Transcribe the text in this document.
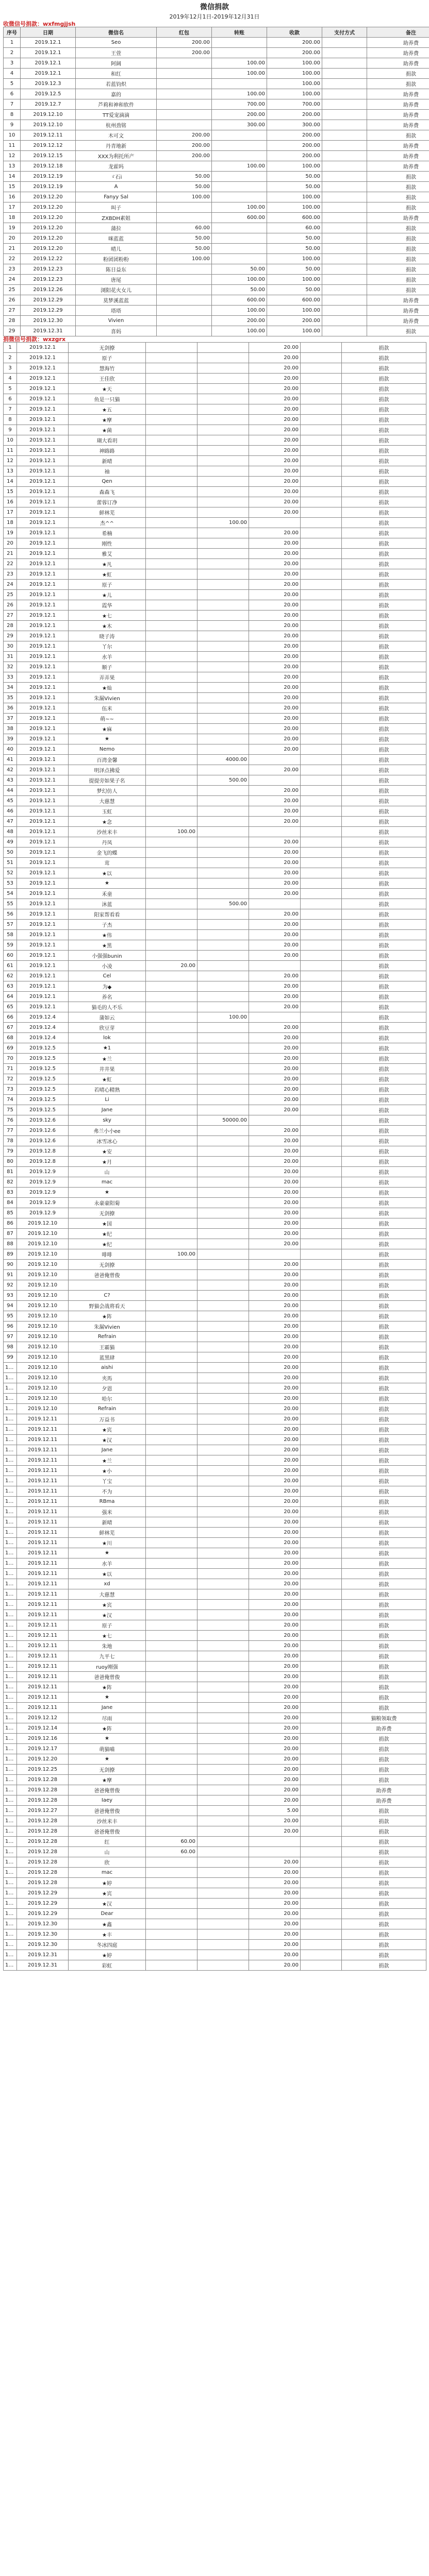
微信捐款
2019年12月1日-2019年12月31日
收微信号捐款：wxfmgjjsh
序号	日期	微信名	红包	转账	收款	支付方式	备注
1	2019.12.1	Seo	200.00		200.00		助养费
2	2019.12.1	王萱	200.00		200.00		助养费
3	2019.12.1	阿阔		100.00	100.00		助养费
4	2019.12.1	和红		100.00	100.00		捐款
5	2019.12.3	若蓝钧炽			100.00		捐款
6	2019.12.5	嘉的		100.00	100.00		助养费
7	2019.12.7	芦莉和神和软件		700.00	700.00		助养费
8	2019.12.10	TT爱宠滴滴		200.00	200.00		助养费
9	2019.12.10	杭州劲铭		300.00	300.00		助养费
10	2019.12.11	木可文	200.00		200.00		捐款
11	2019.12.12	丹青地新	200.00		200.00		助养费
12	2019.12.15	XXX为利托所产	200.00		200.00		助养费
13	2019.12.18	龙霍吗		100.00	100.00		助养费
14	2019.12.19	ゞ石i	50.00		50.00		捐款
15	2019.12.19	A	50.00		50.00		捐款
16	2019.12.20	Fanyy Sal	100.00		100.00		捐款
17	2019.12.20	叫子		100.00	100.00		捐款
18	2019.12.20	ZXBDH素姐		600.00	600.00		助养费
19	2019.12.20	蒲拉	60.00		60.00		捐款
20	2019.12.20	咪蓝蓝	50.00		50.00		捐款
21	2019.12.20	晴儿	50.00		50.00		捐款
22	2019.12.22	粉团团粉粉	100.00		100.00		捐款
23	2019.12.23	陈日益东		50.00	50.00		捐款
24	2019.12.23	唐尾		100.00	100.00		捐款
25	2019.12.26	浏阳花火女儿		50.00	50.00		捐款
26	2019.12.29	莫梦溪蓝蓝		600.00	600.00		助养费
27	2019.12.29	塔塔		100.00	100.00		助养费
28	2019.12.30	Vivien		200.00	200.00		助养费
29	2019.12.31	喜妈		100.00	100.00		捐款
捐微信号捐款：wxzgrx
1	2019.12.1	无剑撩			20.00		捐款
2	2019.12.1	原子			20.00		捐款
3	2019.12.1	慧海竹			20.00		捐款
4	2019.12.1	王佳欣			20.00		捐款
5	2019.12.1	★天			20.00		捐款
6	2019.12.1	鱼是一只猫			20.00		捐款
7	2019.12.1	★五			20.00		捐款
8	2019.12.1	★摩			20.00		捐款
9	2019.12.1	★菌			20.00		捐款
10	2019.12.1	瑚大看玥			20.00		捐款
11	2019.12.1	神路路			20.00		捐款
12	2019.12.1	新晴			20.00		捐款
13	2019.12.1	袖			20.00		捐款
14	2019.12.1	Qen			20.00		捐款
15	2019.12.1	森森飞			20.00		捐款
16	2019.12.1	蕾蓉订净			20.00		捐款
17	2019.12.1	鲜林芜			20.00		捐款
18	2019.12.1	杰^^		100.00			捐款
19	2019.12.1	希楠			20.00		捐款
20	2019.12.1	刚性			20.00		捐款
21	2019.12.1	雅艾			20.00		捐款
22	2019.12.1	★凡			20.00		捐款
23	2019.12.1	★虹			20.00		捐款
24	2019.12.1	原子			20.00		捐款
25	2019.12.1	★儿			20.00		捐款
26	2019.12.1	霞华			20.00		捐款
27	2019.12.1	★七			20.00		捐款
28	2019.12.1	★木			20.00		捐款
29	2019.12.1	晓子涛			20.00		捐款
30	2019.12.1	丫尔			20.00		捐款
31	2019.12.1	水羊			20.00		捐款
32	2019.12.1	顺子			20.00		捐款
33	2019.12.1	弄弄果			20.00		捐款
34	2019.12.1	★灿			20.00		捐款
35	2019.12.1	朱漏Vivien			20.00		捐款
36	2019.12.1	伍米			20.00		捐款
37	2019.12.1	萌~~			20.00		捐款
38	2019.12.1	★麻			20.00		捐款
39	2019.12.1	★			20.00		捐款
40	2019.12.1	Nemo			20.00		捐款
41	2019.12.1	百湾金馨		4000.00			捐款
42	2019.12.1	明泽点拂爱			20.00		捐款
43	2019.12.1	提提旁如果子名		500.00			捐款
44	2019.12.1	梦幻仿人			20.00		捐款
45	2019.12.1	大慈慧			20.00		捐款
46	2019.12.1	玉虹			20.00		捐款
47	2019.12.1	★念			20.00		捐款
48	2019.12.1	沙丝米丰	100.00				捐款
49	2019.12.1	丹凤			20.00		捐款
50	2019.12.1	金飞的蝶			20.00		捐款
51	2019.12.1	茸			20.00		捐款
52	2019.12.1	★以			20.00		捐款
53	2019.12.1	★			20.00		捐款
54	2019.12.1	禾童			20.00		捐款
55	2019.12.1	沐蓝		500.00			捐款
56	2019.12.1	阳家帮看看			20.00		捐款
57	2019.12.1	子杰			20.00		捐款
58	2019.12.1	★伟			20.00		捐款
59	2019.12.1	★黑			20.00		捐款
60	2019.12.1	小强强bunin			20.00		捐款
61	2019.12.1	小凌	20.00				捐款
62	2019.12.1	Cel			20.00		捐款
63	2019.12.1	为◆			20.00		捐款
64	2019.12.1	养名			20.00		捐款
65	2019.12.1	猫毛的人不乐			20.00		捐款
66	2019.12.4	蒲如云		100.00			捐款
67	2019.12.4	欣豆芽			20.00		捐款
68	2019.12.4	lok			20.00		捐款
69	2019.12.5	★1			20.00		捐款
70	2019.12.5	★兰			20.00		捐款
71	2019.12.5	井井果			20.00		捐款
72	2019.12.5	★虹			20.00		捐款
73	2019.12.5	若晴心精熟			20.00		捐款
74	2019.12.5	Li			20.00		捐款
75	2019.12.5	Jane			20.00		捐款
76	2019.12.6	sky		50000.00			捐款
77	2019.12.6	弗兰小小ee			20.00		捐款
78	2019.12.6	冰雪冰心			20.00		捐款
79	2019.12.8	★安			20.00		捐款
80	2019.12.8	★月			20.00		捐款
81	2019.12.9	山			20.00		捐款
82	2019.12.9	mac			20.00		捐款
83	2019.12.9	★			20.00		捐款
84	2019.12.9	永豪豪阳菊			20.00		捐款
85	2019.12.9	无剑撩			20.00		捐款
86	2019.12.10	★国			20.00		捐款
87	2019.12.10	★纪			20.00		捐款
88	2019.12.10	★纪			20.00		捐款
89	2019.12.10	啡啡	100.00				捐款
90	2019.12.10	无剑撩			20.00		捐款
91	2019.12.10	爸爸俺曾俊			20.00		捐款
92	2019.12.10				20.00		捐款
93	2019.12.10	C?			20.00		捐款
94	2019.12.10	野猫会战将看天			20.00		捐款
95	2019.12.10	★阵			20.00		捐款
96	2019.12.10	朱漏Vivien			20.00		捐款
97	2019.12.10	Refrain			20.00		捐款
98	2019.12.10	王霸猫			20.00		捐款
99	2019.12.10	蓝黑肆			20.00		捐款
100	2019.12.10	aishi			20.00		捐款
101	2019.12.10	夹馬			20.00		捐款
102	2019.12.10	夕恩			20.00		捐款
103	2019.12.10	哈尔			20.00		捐款
104	2019.12.10	Refrain			20.00		捐款
105	2019.12.11	万益书			20.00		捐款
106	2019.12.11	★宾			20.00		捐款
107	2019.12.11	★汉			20.00		捐款
108	2019.12.11	Jane			20.00		捐款
109	2019.12.11	★兰			20.00		捐款
110	2019.12.11	★小			20.00		捐款
111	2019.12.11	丫宝			20.00		捐款
112	2019.12.11	不为			20.00		捐款
113	2019.12.11	RBma			20.00		捐款
114	2019.12.11	强米			20.00		捐款
115	2019.12.11	新晴			20.00		捐款
116	2019.12.11	鲜林芜			20.00		捐款
117	2019.12.11	★川			20.00		捐款
118	2019.12.11	★			20.00		捐款
119	2019.12.11	水羊			20.00		捐款
120	2019.12.11	★以			20.00		捐款
121	2019.12.11	xd			20.00		捐款
122	2019.12.11	大慈慧			20.00		捐款
123	2019.12.11	★宾			20.00		捐款
124	2019.12.11	★汉			20.00		捐款
125	2019.12.11	原子			20.00		捐款
126	2019.12.11	★七			20.00		捐款
127	2019.12.11	朱地			20.00		捐款
128	2019.12.11	九平七			20.00		捐款
129	2019.12.11	ruoy刚强			20.00		捐款
130	2019.12.11	爸爸俺曾俊			20.00		捐款
131	2019.12.11	★阵			20.00		捐款
132	2019.12.11	★			20.00		捐款
133	2019.12.11	Jane			20.00		捐款
134	2019.12.12	尽雨			20.00		猫粮领取费
135	2019.12.14	★阵			20.00		助养费
136	2019.12.16	★			20.00		捐款
137	2019.12.17	萌猫喵			20.00		捐款
138	2019.12.20	★			20.00		捐款
139	2019.12.25	无剑撩			20.00		捐款
140	2019.12.28	★摩			20.00		捐款
141	2019.12.28	爸爸俺曾俊			20.00		助养费
142	2019.12.28	Iaey			20.00		助养费
143	2019.12.27	爸爸俺曾俊			5.00		捐款
144	2019.12.28	沙丝米丰			20.00		捐款
145	2019.12.28	爸爸俺曾俊			20.00		捐款
146	2019.12.28	红	60.00				捐款
147	2019.12.28	山	60.00				捐款
148	2019.12.28	欣			20.00		捐款
149	2019.12.28	mac			20.00		捐款
150	2019.12.28	★婷			20.00		捐款
151	2019.12.29	★宾			20.00		捐款
152	2019.12.29	★汉			20.00		捐款
153	2019.12.29	Dear			20.00		捐款
154	2019.12.30	★鑫			20.00		捐款
155	2019.12.30	★丰			20.00		捐款
156	2019.12.30	冬冰四庭			20.00		捐款
157	2019.12.31	★婷			20.00		捐款
158	2019.12.31	彩虹			20.00		捐款
